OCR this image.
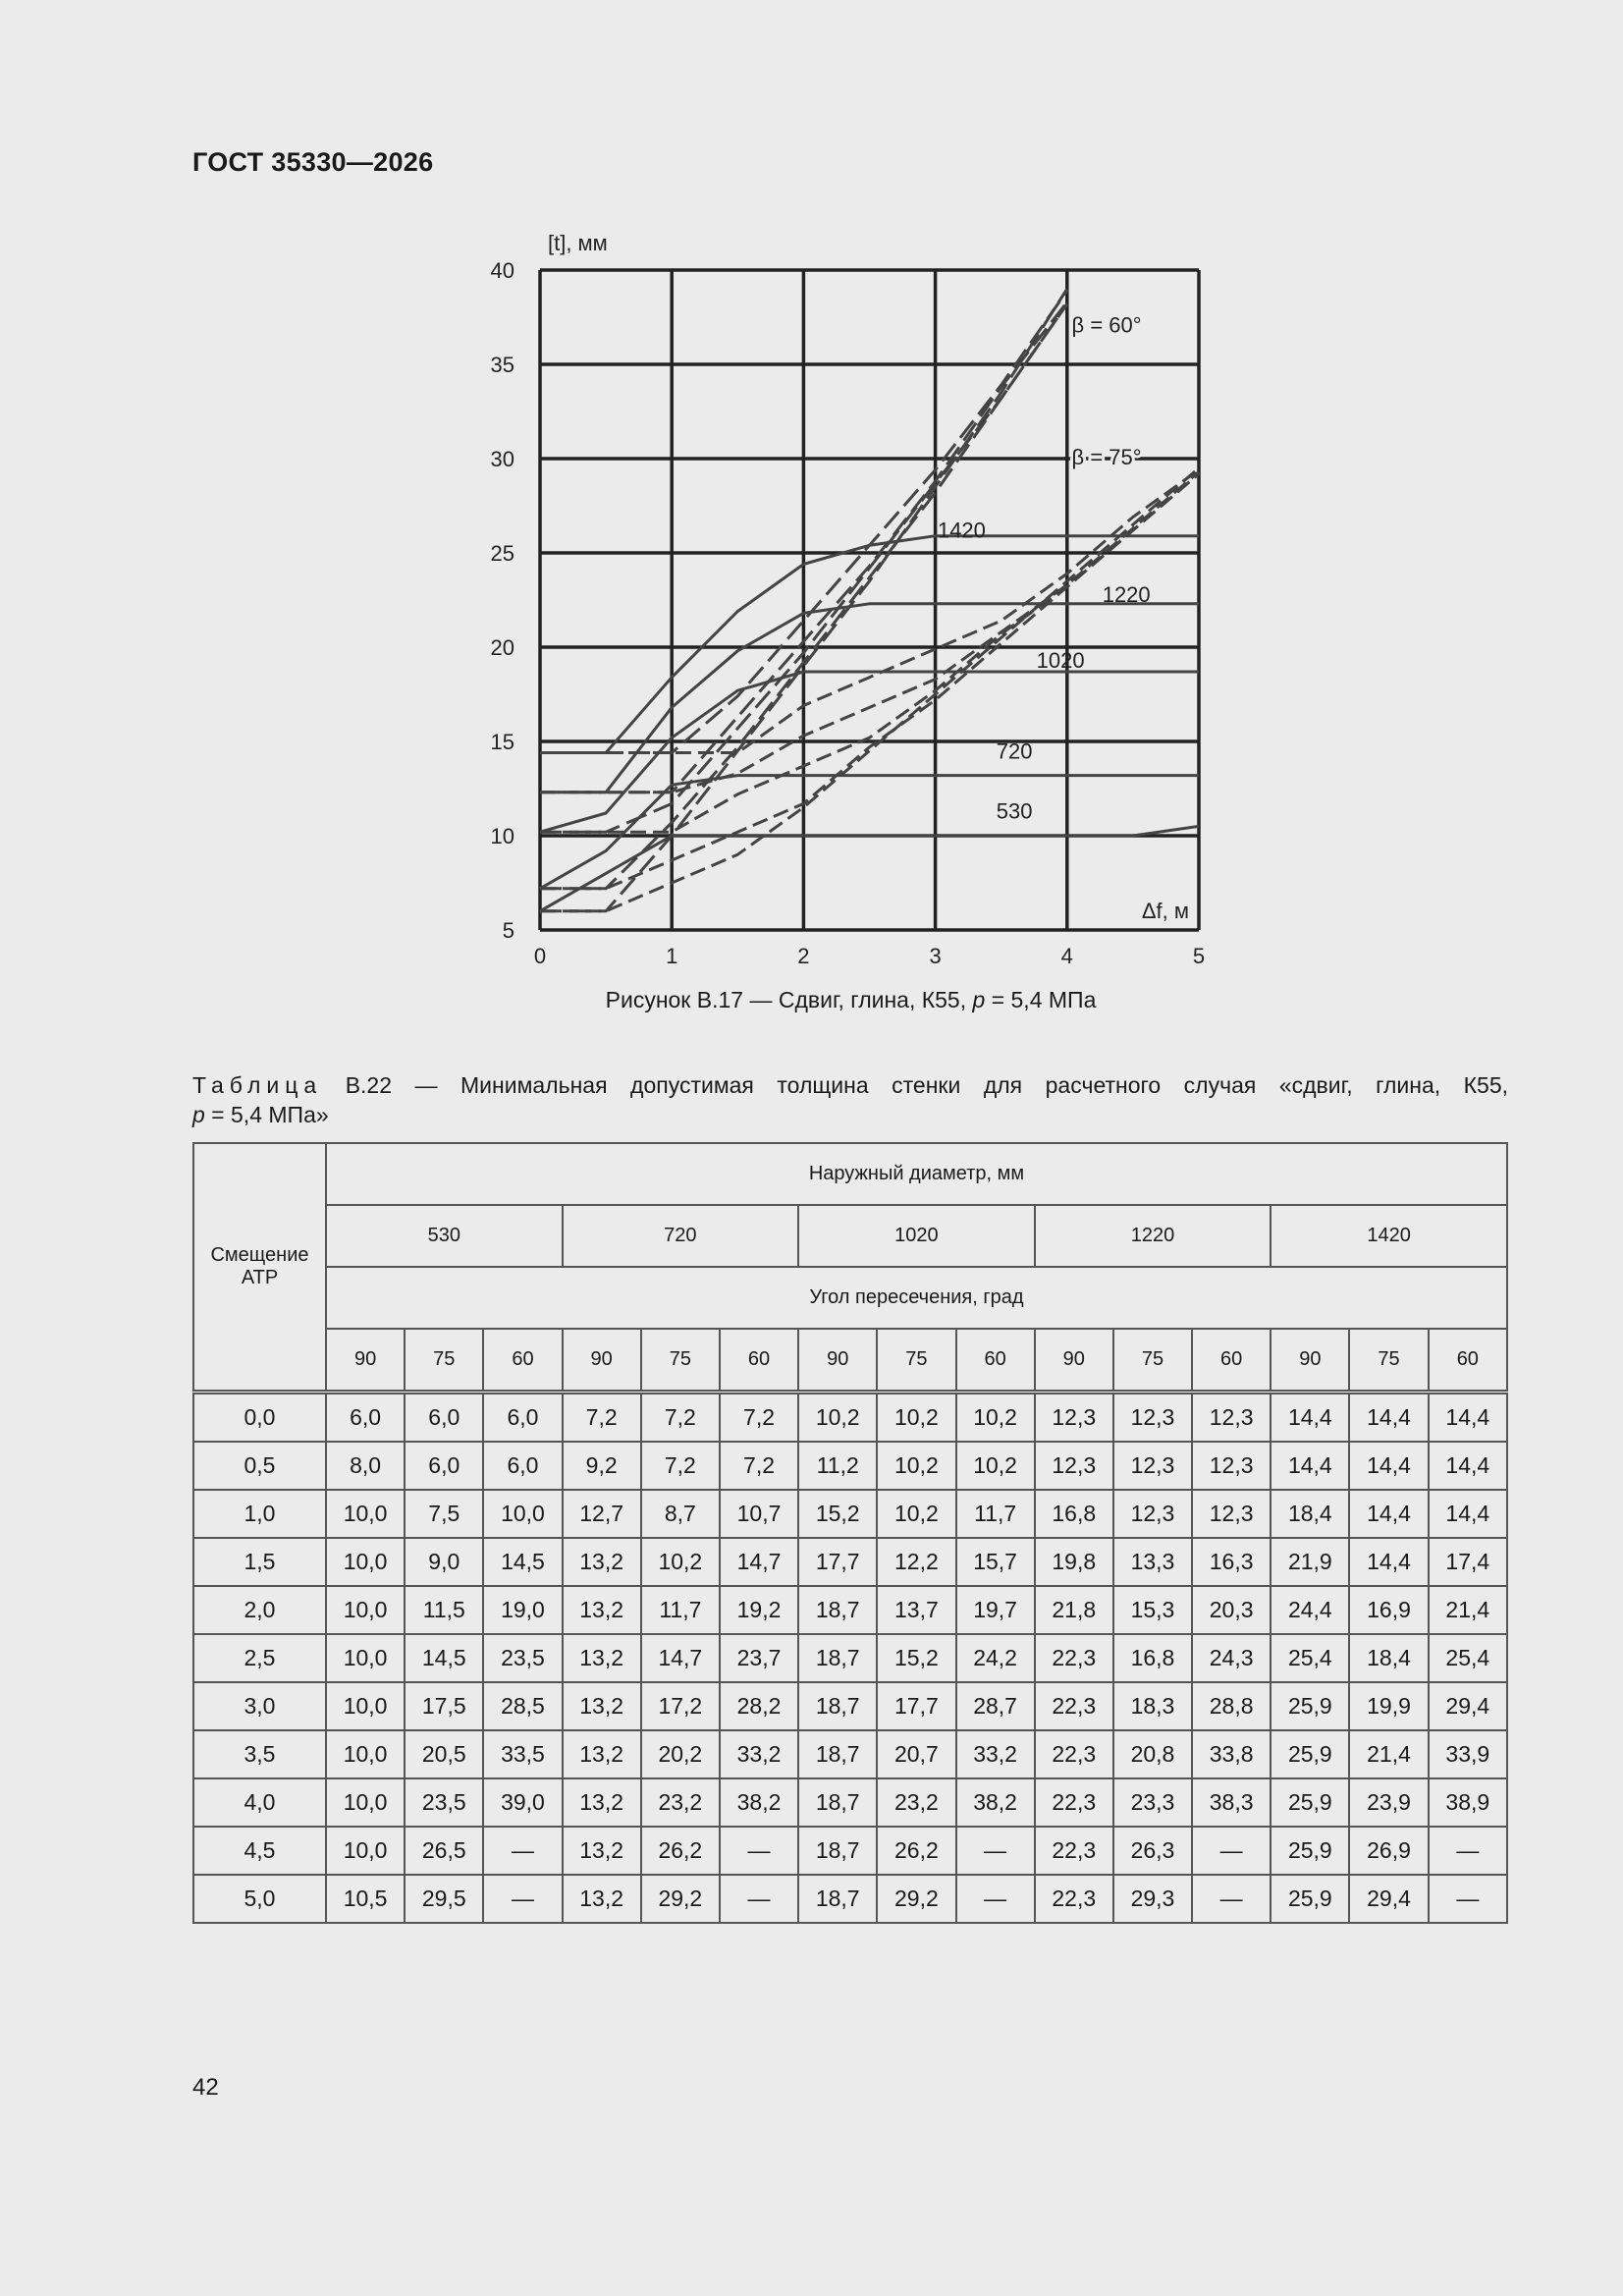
ГОСТ 35330—2026
0	1	2	3	4	5
5
10
15
20
25
30
35
40
[t], мм
Δf, м
β = 60°
β = 75°
1420
1220
1020
720
530
Рисунок В.17 — Сдвиг, глина, К55, p = 5,4 МПа
Таблица В.22 — Минимальная допустимая толщина стенки для расчетного случая «сдвиг, глина, К55,
p = 5,4 МПа»
Смещение АТР	Наружный диаметр, мм														
	530			720			1020			1220			1420		
	Угол пересечения, град														
	90	75	60	90	75	60	90	75	60	90	75	60	90	75	60
0,0	6,0	6,0	6,0	7,2	7,2	7,2	10,2	10,2	10,2	12,3	12,3	12,3	14,4	14,4	14,4
0,5	8,0	6,0	6,0	9,2	7,2	7,2	11,2	10,2	10,2	12,3	12,3	12,3	14,4	14,4	14,4
1,0	10,0	7,5	10,0	12,7	8,7	10,7	15,2	10,2	11,7	16,8	12,3	12,3	18,4	14,4	14,4
1,5	10,0	9,0	14,5	13,2	10,2	14,7	17,7	12,2	15,7	19,8	13,3	16,3	21,9	14,4	17,4
2,0	10,0	11,5	19,0	13,2	11,7	19,2	18,7	13,7	19,7	21,8	15,3	20,3	24,4	16,9	21,4
2,5	10,0	14,5	23,5	13,2	14,7	23,7	18,7	15,2	24,2	22,3	16,8	24,3	25,4	18,4	25,4
3,0	10,0	17,5	28,5	13,2	17,2	28,2	18,7	17,7	28,7	22,3	18,3	28,8	25,9	19,9	29,4
3,5	10,0	20,5	33,5	13,2	20,2	33,2	18,7	20,7	33,2	22,3	20,8	33,8	25,9	21,4	33,9
4,0	10,0	23,5	39,0	13,2	23,2	38,2	18,7	23,2	38,2	22,3	23,3	38,3	25,9	23,9	38,9
4,5	10,0	26,5	—	13,2	26,2	—	18,7	26,2	—	22,3	26,3	—	25,9	26,9	—
5,0	10,5	29,5	—	13,2	29,2	—	18,7	29,2	—	22,3	29,3	—	25,9	29,4	—
42
